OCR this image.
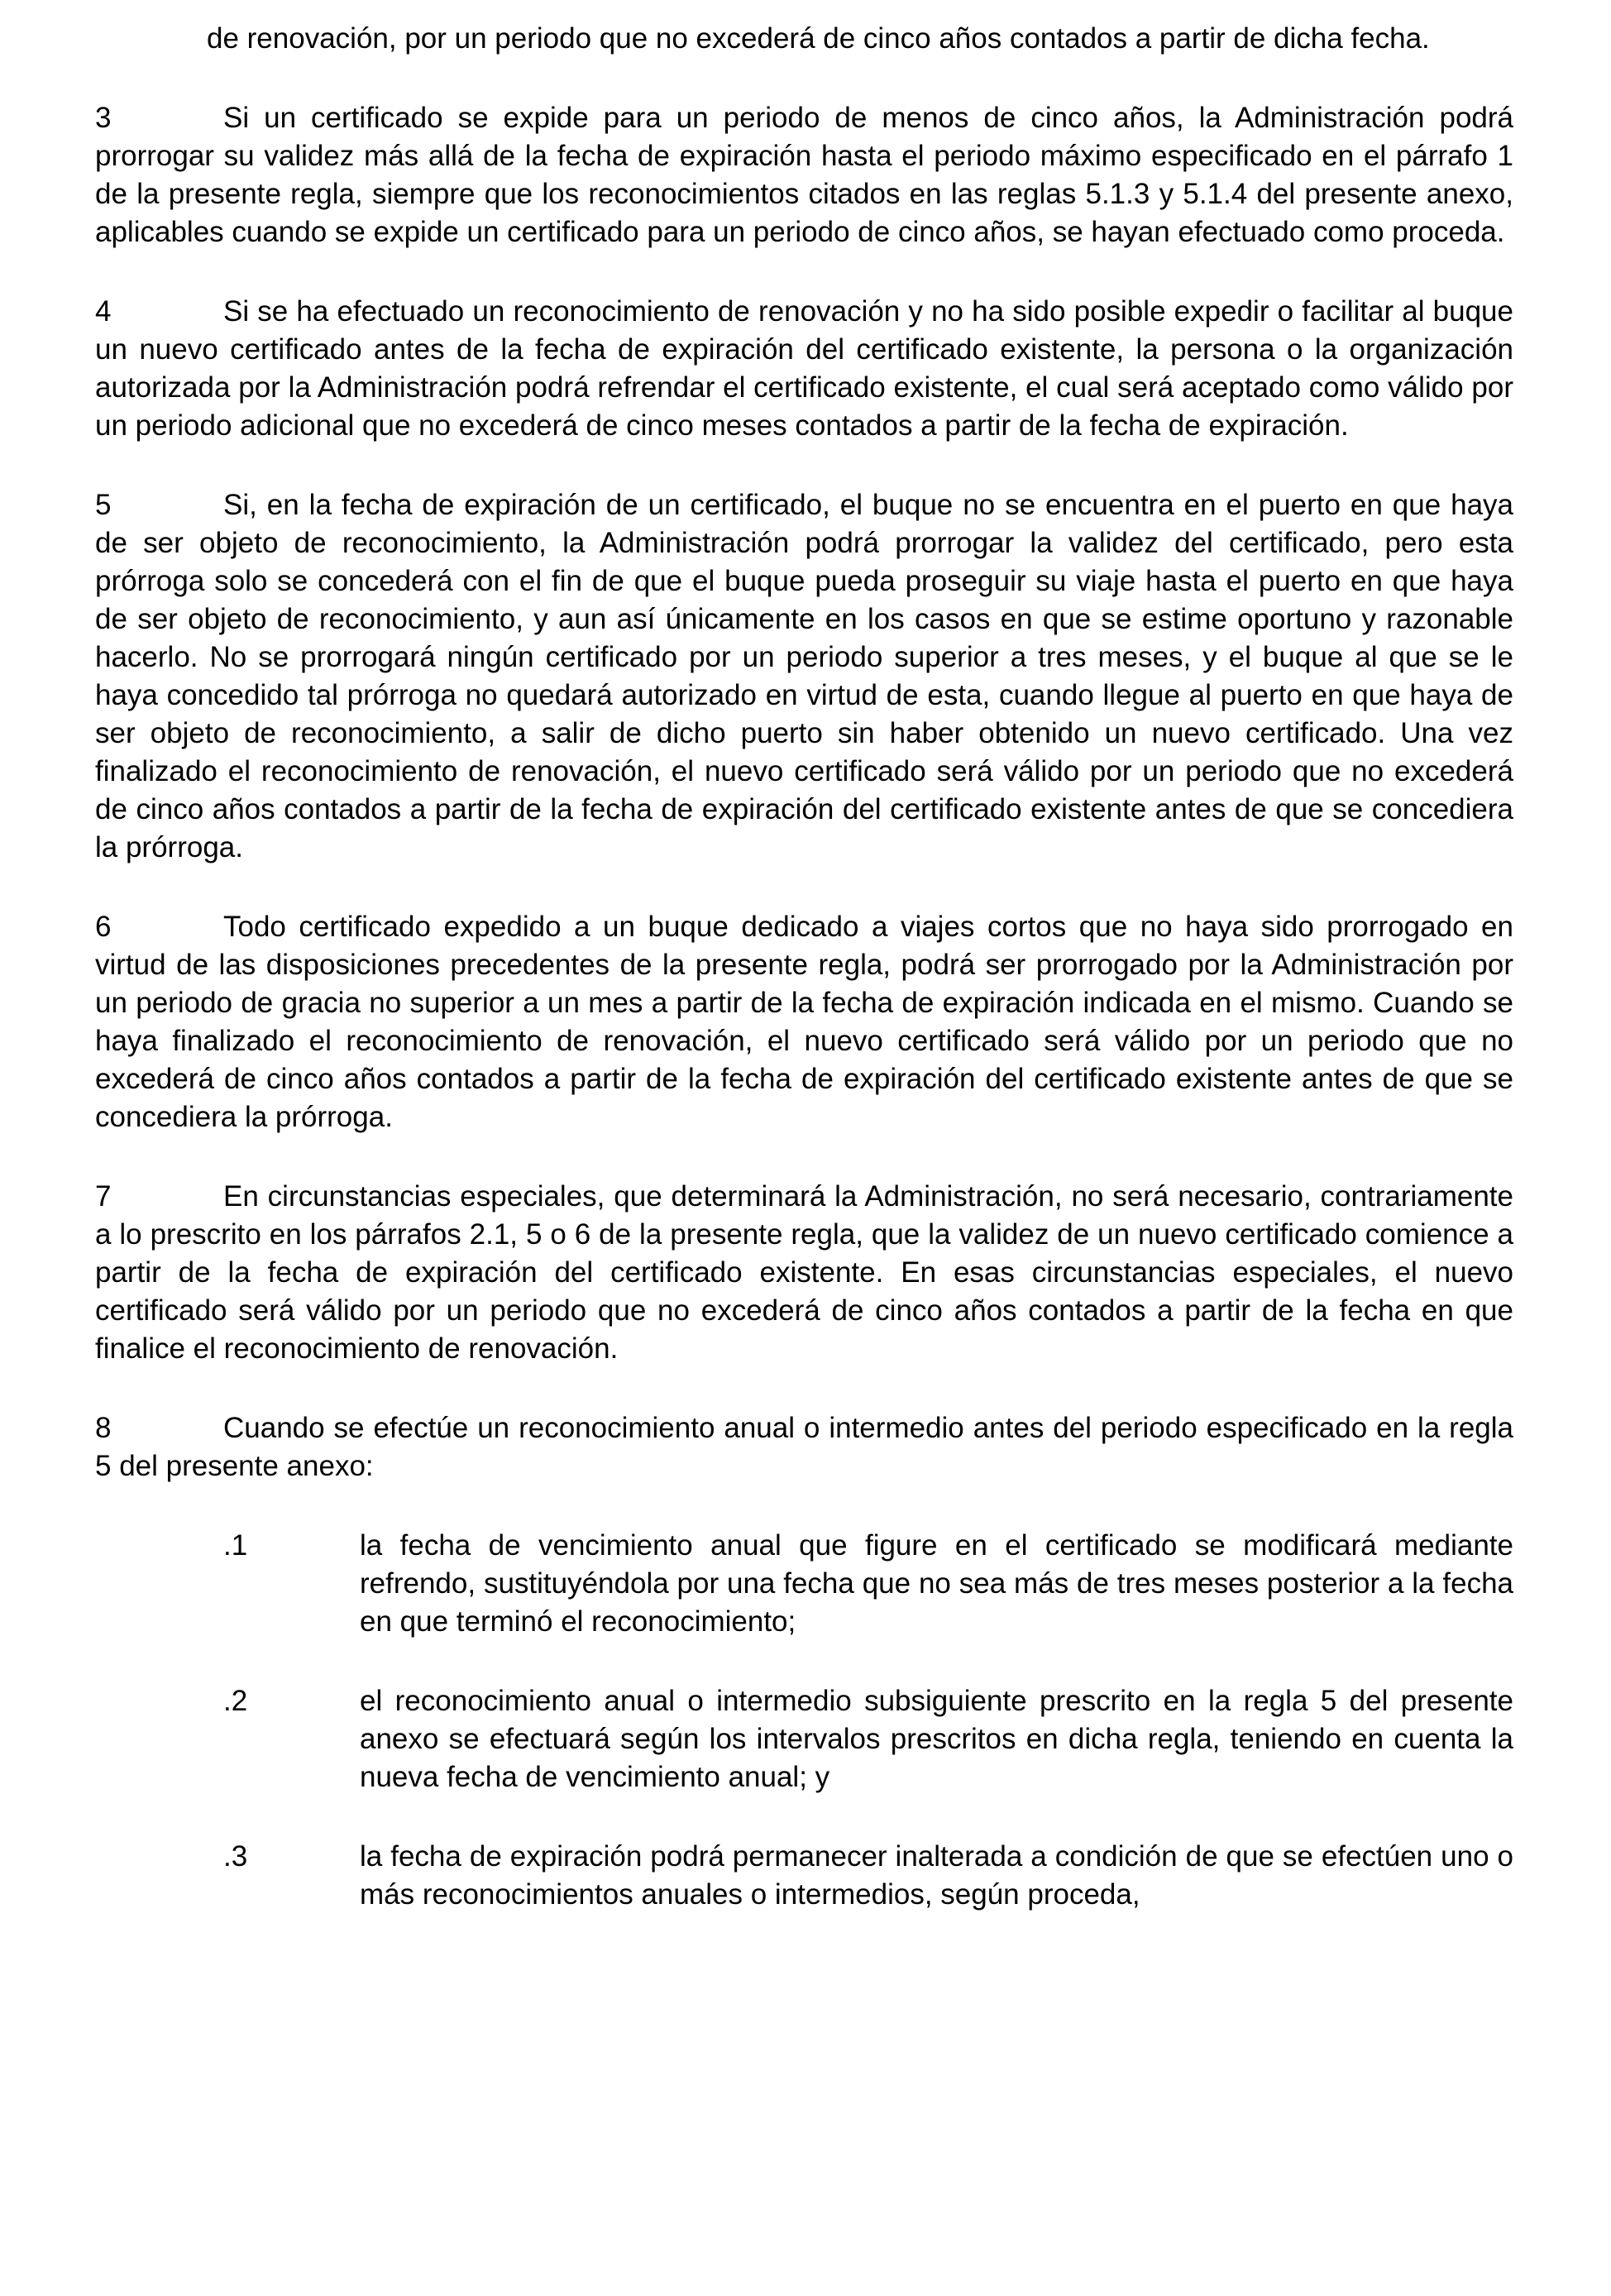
de renovación, por un periodo que no excederá de cinco años contados a partir de dicha fecha.

3	Si un certificado se expide para un periodo de menos de cinco años, la Administración podrá prorrogar su validez más allá de la fecha de expiración hasta el periodo máximo especificado en el párrafo 1 de la presente regla, siempre que los reconocimientos citados en las reglas 5.1.3 y 5.1.4 del presente anexo, aplicables cuando se expide un certificado para un periodo de cinco años, se hayan efectuado como proceda.

4	Si se ha efectuado un reconocimiento de renovación y no ha sido posible expedir o facilitar al buque un nuevo certificado antes de la fecha de expiración del certificado existente, la persona o la organización autorizada por la Administración podrá refrendar el certificado existente, el cual será aceptado como válido por un periodo adicional que no excederá de cinco meses contados a partir de la fecha de expiración.

5	Si, en la fecha de expiración de un certificado, el buque no se encuentra en el puerto en que haya de ser objeto de reconocimiento, la Administración podrá prorrogar la validez del certificado, pero esta prórroga solo se concederá con el fin de que el buque pueda proseguir su viaje hasta el puerto en que haya de ser objeto de reconocimiento, y aun así únicamente en los casos en que se estime oportuno y razonable hacerlo. No se prorrogará ningún certificado por un periodo superior a tres meses, y el buque al que se le haya concedido tal prórroga no quedará autorizado en virtud de esta, cuando llegue al puerto en que haya de ser objeto de reconocimiento, a salir de dicho puerto sin haber obtenido un nuevo certificado. Una vez finalizado el reconocimiento de renovación, el nuevo certificado será válido por un periodo que no excederá de cinco años contados a partir de la fecha de expiración del certificado existente antes de que se concediera la prórroga.

6	Todo certificado expedido a un buque dedicado a viajes cortos que no haya sido prorrogado en virtud de las disposiciones precedentes de la presente regla, podrá ser prorrogado por la Administración por un periodo de gracia no superior a un mes a partir de la fecha de expiración indicada en el mismo. Cuando se haya finalizado el reconocimiento de renovación, el nuevo certificado será válido por un periodo que no excederá de cinco años contados a partir de la fecha de expiración del certificado existente antes de que se concediera la prórroga.

7	En circunstancias especiales, que determinará la Administración, no será necesario, contrariamente a lo prescrito en los párrafos 2.1, 5 o 6 de la presente regla, que la validez de un nuevo certificado comience a partir de la fecha de expiración del certificado existente. En esas circunstancias especiales, el nuevo certificado será válido por un periodo que no excederá de cinco años contados a partir de la fecha en que finalice el reconocimiento de renovación.

8	Cuando se efectúe un reconocimiento anual o intermedio antes del periodo especificado en la regla 5 del presente anexo:

.1	la fecha de vencimiento anual que figure en el certificado se modificará mediante refrendo, sustituyéndola por una fecha que no sea más de tres meses posterior a la fecha en que terminó el reconocimiento;
.2	el reconocimiento anual o intermedio subsiguiente prescrito en la regla 5 del presente anexo se efectuará según los intervalos prescritos en dicha regla, teniendo en cuenta la nueva fecha de vencimiento anual; y
.3	la fecha de expiración podrá permanecer inalterada a condición de que se efectúen uno o más reconocimientos anuales o intermedios, según proceda,
